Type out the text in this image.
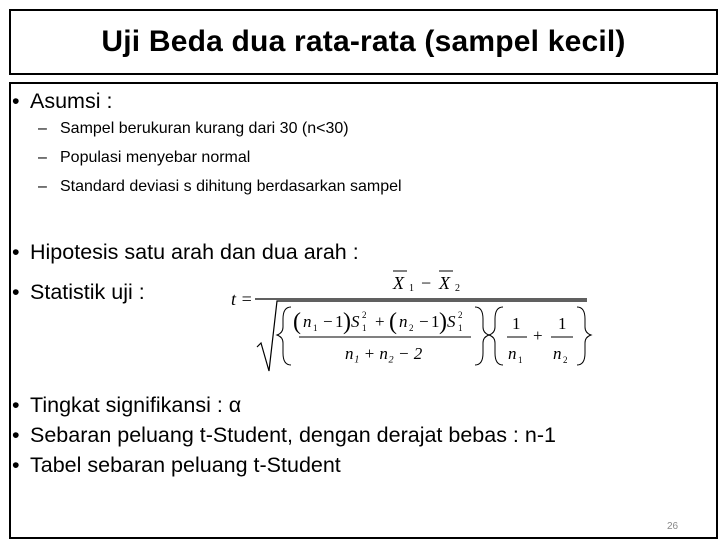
Uji Beda dua rata-rata (sampel kecil)
• Asumsi :
– Sampel berukuran kurang dari 30 (n<30)
– Populasi menyebar normal
– Standard deviasi s dihitung berdasarkan sampel
• Hipotesis satu arah dan dua arah :
• Statistik uji :	t =
X 1 − X 2
( n 1 − 1 ) S 2
1 + ( n 2 − 1 ) S 2
1
n₁ + n₂ − 2
1
n 1
+
1
n 2
• Tingkat signifikansi : α
• Sebaran peluang t-Student, dengan derajat bebas : n-1
• Tabel sebaran peluang t-Student
26
